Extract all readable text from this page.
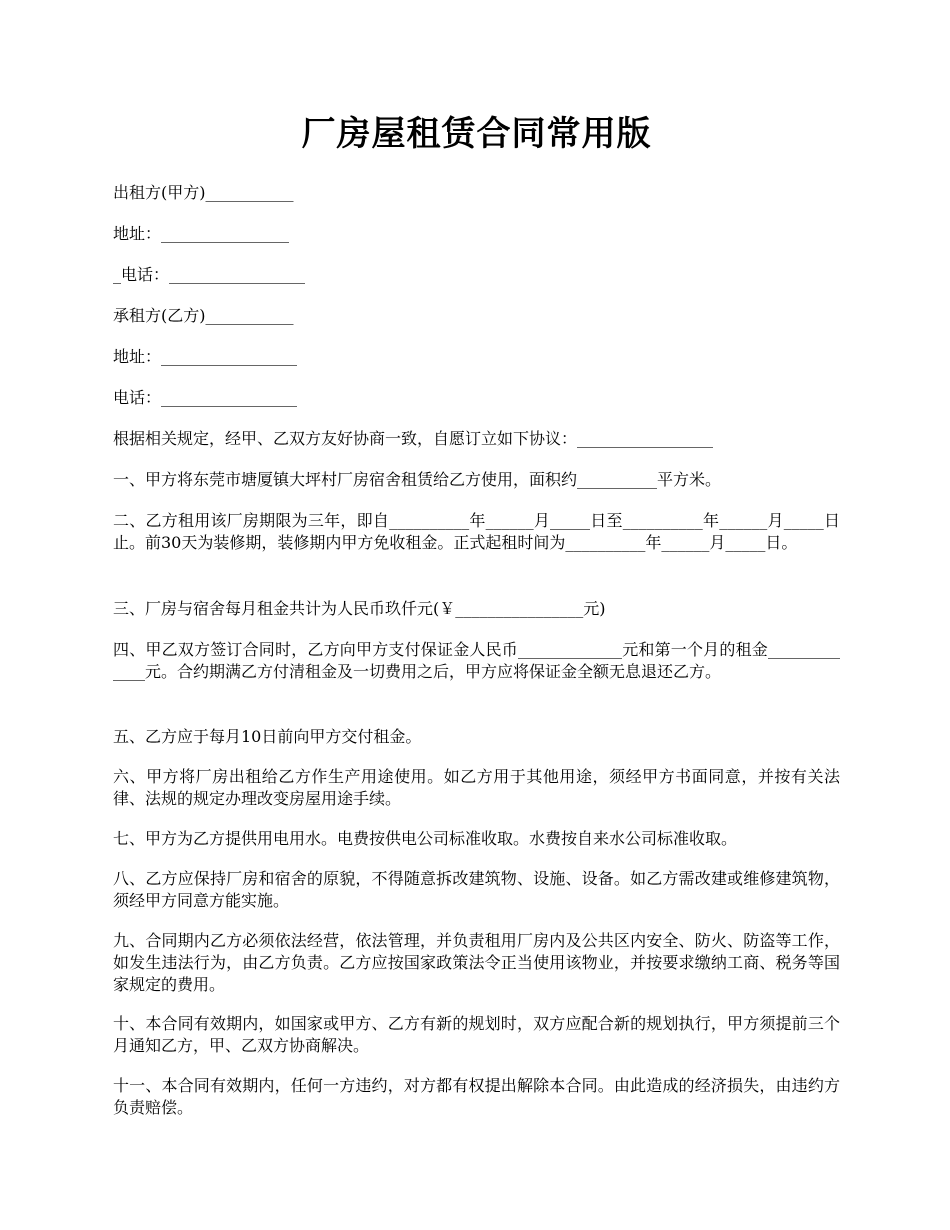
厂房屋租赁合同常用版

出租方(甲方)___________

地址：________________

_电话：_________________

承租方(乙方)___________

地址：_________________

电话：_________________

根据相关规定，经甲、乙双方友好协商一致，自愿订立如下协议：_________________

一、甲方将东莞市塘厦镇大坪村厂房宿舍租赁给乙方使用，面积约__________平方米。

二、乙方租用该厂房期限为三年，即自__________年______月_____日至__________年______月_____日止。前30天为装修期，装修期内甲方免收租金。正式起租时间为__________年______月_____日。

三、厂房与宿舍每月租金共计为人民币玖仟元(￥________________元)

四、甲乙双方签订合同时，乙方向甲方支付保证金人民币_____________元和第一个月的租金_____________元。合约期满乙方付清租金及一切费用之后，甲方应将保证金全额无息退还乙方。

五、乙方应于每月10日前向甲方交付租金。

六、甲方将厂房出租给乙方作生产用途使用。如乙方用于其他用途，须经甲方书面同意，并按有关法律、法规的规定办理改变房屋用途手续。

七、甲方为乙方提供用电用水。电费按供电公司标准收取。水费按自来水公司标准收取。

八、乙方应保持厂房和宿舍的原貌，不得随意拆改建筑物、设施、设备。如乙方需改建或维修建筑物，须经甲方同意方能实施。

九、合同期内乙方必须依法经营，依法管理，并负责租用厂房内及公共区内安全、防火、防盗等工作，如发生违法行为，由乙方负责。乙方应按国家政策法令正当使用该物业，并按要求缴纳工商、税务等国家规定的费用。

十、本合同有效期内，如国家或甲方、乙方有新的规划时，双方应配合新的规划执行，甲方须提前三个月通知乙方，甲、乙双方协商解决。

十一、本合同有效期内，任何一方违约，对方都有权提出解除本合同。由此造成的经济损失，由违约方负责赔偿。
